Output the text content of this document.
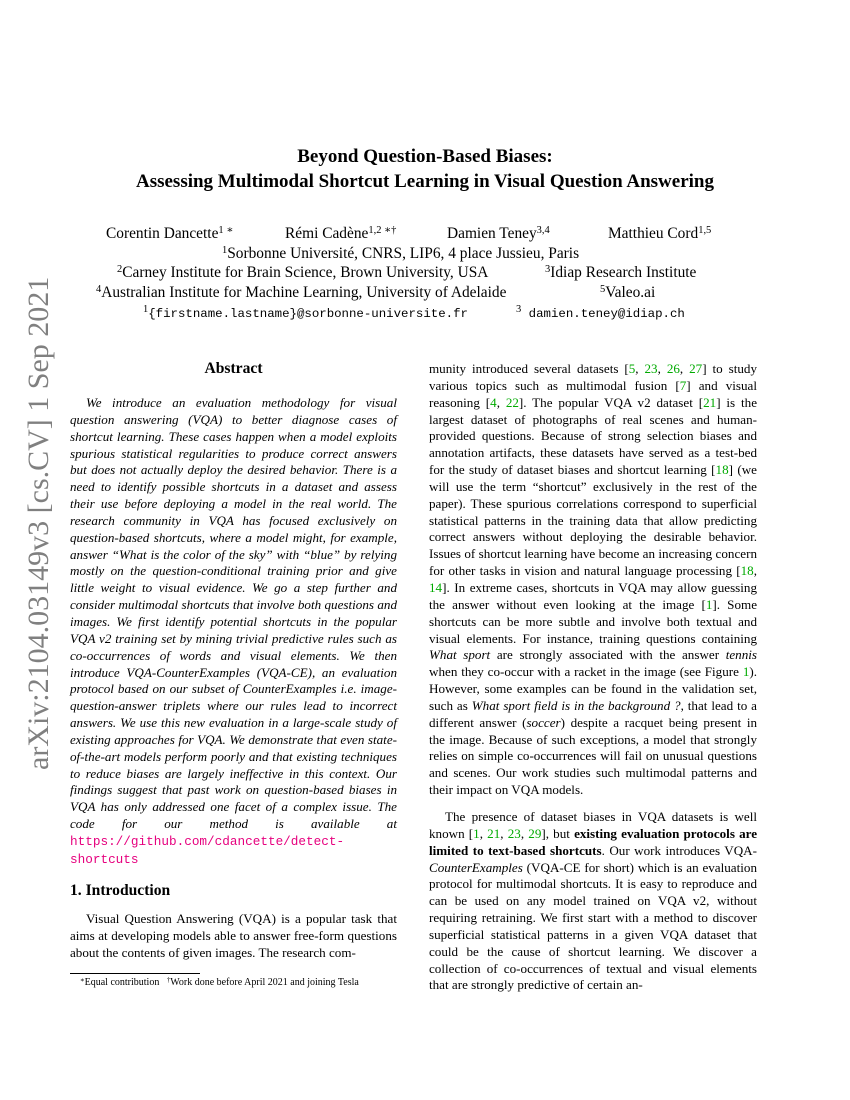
arXiv:2104.03149v3 [cs.CV] 1 Sep 2021
Beyond Question-Based Biases:
Assessing Multimodal Shortcut Learning in Visual Question Answering
Corentin Dancette$^{1 ∗}$	Rémi Cadène$^{1,2 ∗\dagger}$	Damien Teney$^{3,4}$	Matthieu Cord$^{1,5}$
$^1$Sorbonne Université, CNRS, LIP6, 4 place Jussieu, Paris
$^2$Carney Institute for Brain Science, Brown University, USA	$^3$Idiap Research Institute
$^4$Australian Institute for Machine Learning, University of Adelaide	$^5$Valeo.ai
$^1${firstname.lastname}@sorbonne-universite.fr	$^3$ damien.teney@idiap.ch
Abstract
We introduce an evaluation methodology for visual question answering (VQA) to better diagnose cases of shortcut learning. These cases happen when a model exploits spurious statistical regularities to produce correct answers but does not actually deploy the desired behavior. There is a need to identify possible shortcuts in a dataset and assess their use before deploying a model in the real world. The research community in VQA has focused exclusively on question-based shortcuts, where a model might, for example, answer “What is the color of the sky” with “blue” by relying mostly on the question-conditional training prior and give little weight to visual evidence. We go a step further and consider multimodal shortcuts that involve both questions and images. We first identify potential shortcuts in the popular VQA v2 training set by mining trivial predictive rules such as co-occurrences of words and visual elements. We then introduce VQA-CounterExamples (VQA-CE), an evaluation protocol based on our subset of CounterExamples i.e. image-question-answer triplets where our rules lead to incorrect answers. We use this new evaluation in a large-scale study of existing approaches for VQA. We demonstrate that even state-of-the-art models perform poorly and that existing techniques to reduce biases are largely ineffective in this context. Our findings suggest that past work on question-based biases in VQA has only addressed one facet of a complex issue. The code for our method is available at https://github.com/cdancette/detect-shortcuts
1. Introduction
Visual Question Answering (VQA) is a popular task that aims at developing models able to answer free-form questions about the contents of given images. The research com-
∗Equal contribution †Work done before April 2021 and joining Tesla
munity introduced several datasets [5, 23, 26, 27] to study various topics such as multimodal fusion [7] and visual reasoning [4, 22]. The popular VQA v2 dataset [21] is the largest dataset of photographs of real scenes and human-provided questions. Because of strong selection biases and annotation artifacts, these datasets have served as a test-bed for the study of dataset biases and shortcut learning [18] (we will use the term “shortcut” exclusively in the rest of the paper). These spurious correlations correspond to superficial statistical patterns in the training data that allow predicting correct answers without deploying the desirable behavior. Issues of shortcut learning have become an increasing concern for other tasks in vision and natural language processing [18, 14]. In extreme cases, shortcuts in VQA may allow guessing the answer without even looking at the image [1]. Some shortcuts can be more subtle and involve both textual and visual elements. For instance, training questions containing What sport are strongly associated with the answer tennis when they co-occur with a racket in the image (see Figure 1). However, some examples can be found in the validation set, such as What sport field is in the background ?, that lead to a different answer (soccer) despite a racquet being present in the image. Because of such exceptions, a model that strongly relies on simple co-occurrences will fail on unusual questions and scenes. Our work studies such multimodal patterns and their impact on VQA models.
The presence of dataset biases in VQA datasets is well known [1, 21, 23, 29], but existing evaluation protocols are limited to text-based shortcuts. Our work introduces VQA-CounterExamples (VQA-CE for short) which is an evaluation protocol for multimodal shortcuts. It is easy to reproduce and can be used on any model trained on VQA v2, without requiring retraining. We first start with a method to discover superficial statistical patterns in a given VQA dataset that could be the cause of shortcut learning. We discover a collection of co-occurrences of textual and visual elements that are strongly predictive of certain an-
